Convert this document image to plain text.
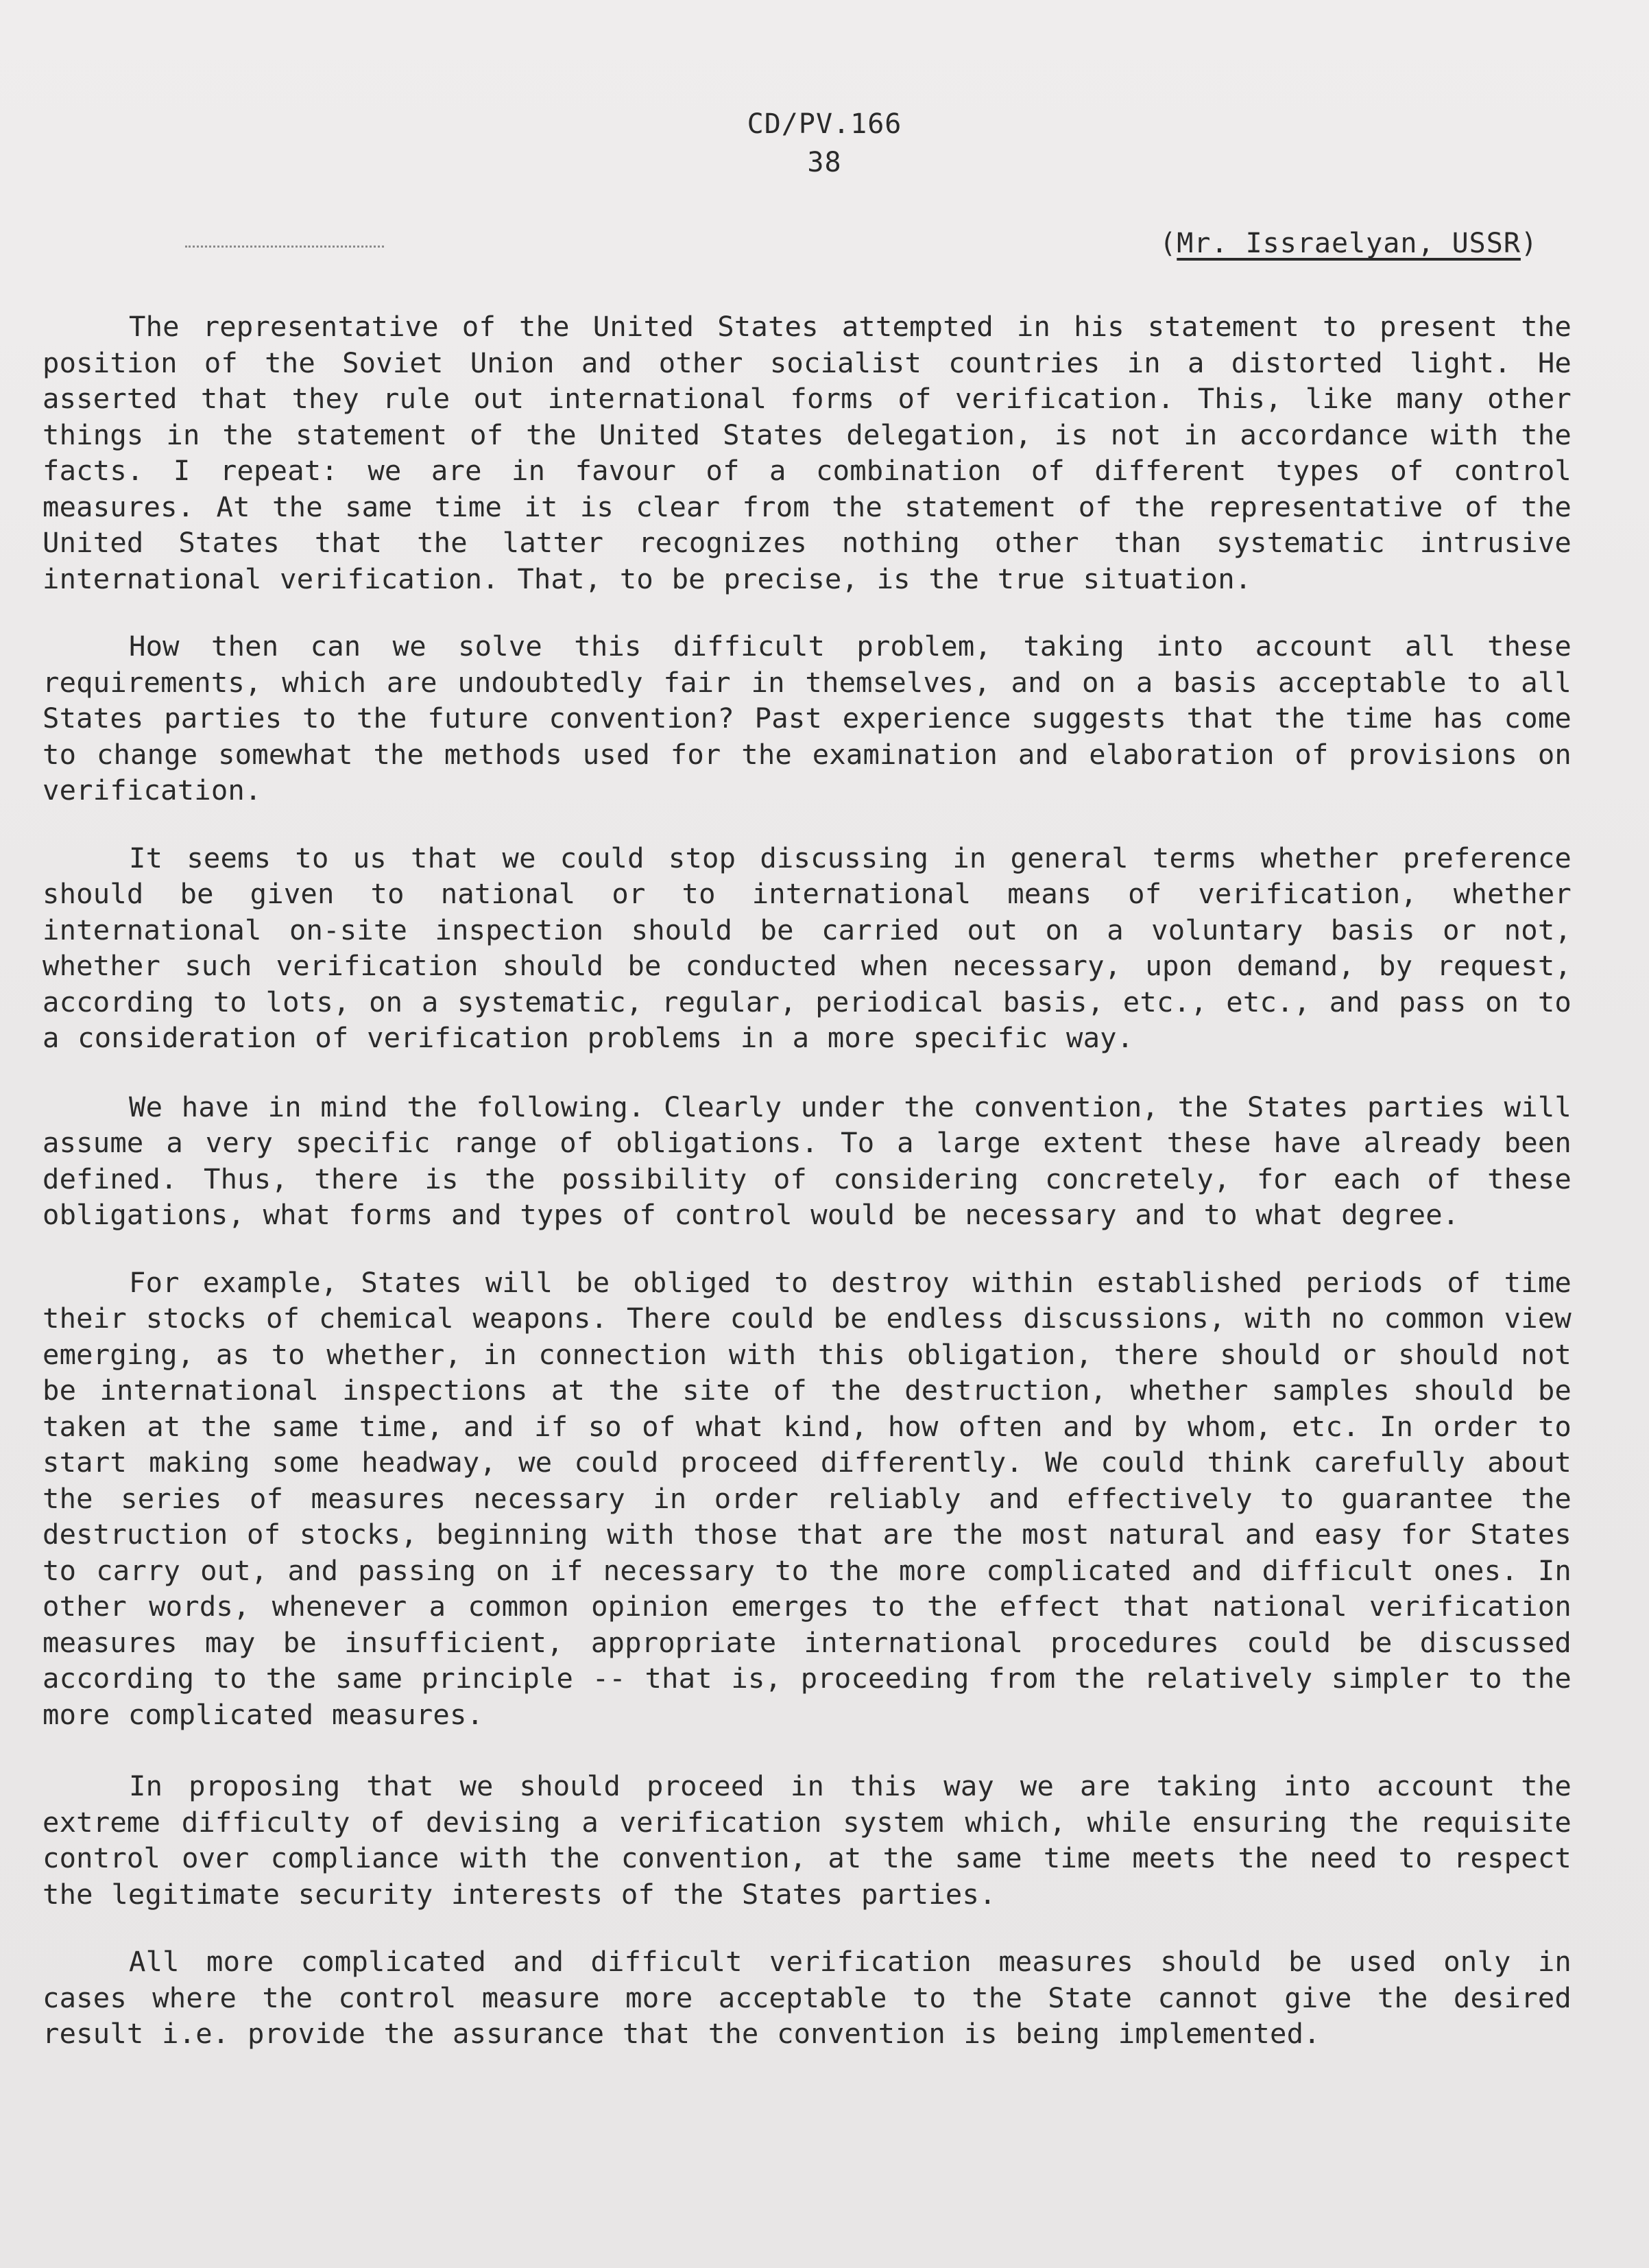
CD/PV.166
38
(Mr. Issraelyan, USSR)

The representative of the United States attempted in his statement to present the position of the Soviet Union and other socialist countries in a distorted light. He asserted that they rule out international forms of verification. This, like many other things in the statement of the United States delegation, is not in accordance with the facts. I repeat: we are in favour of a combination of different types of control measures. At the same time it is clear from the statement of the representative of the United States that the latter recognizes nothing other than systematic intrusive international verification. That, to be precise, is the true situation.

How then can we solve this difficult problem, taking into account all these requirements, which are undoubtedly fair in themselves, and on a basis acceptable to all States parties to the future convention? Past experience suggests that the time has come to change somewhat the methods used for the examination and elaboration of provisions on verification.

It seems to us that we could stop discussing in general terms whether preference should be given to national or to international means of verification, whether international on-site inspection should be carried out on a voluntary basis or not, whether such verification should be conducted when necessary, upon demand, by request, according to lots, on a systematic, regular, periodical basis, etc., etc., and pass on to a consideration of verification problems in a more specific way.

We have in mind the following. Clearly under the convention, the States parties will assume a very specific range of obligations. To a large extent these have already been defined. Thus, there is the possibility of considering concretely, for each of these obligations, what forms and types of control would be necessary and to what degree.

For example, States will be obliged to destroy within established periods of time their stocks of chemical weapons. There could be endless discussions, with no common view emerging, as to whether, in connection with this obligation, there should or should not be international inspections at the site of the destruction, whether samples should be taken at the same time, and if so of what kind, how often and by whom, etc. In order to start making some headway, we could proceed differently. We could think carefully about the series of measures necessary in order reliably and effectively to guarantee the destruction of stocks, beginning with those that are the most natural and easy for States to carry out, and passing on if necessary to the more complicated and difficult ones. In other words, whenever a common opinion emerges to the effect that national verification measures may be insufficient, appropriate international procedures could be discussed according to the same principle -- that is, proceeding from the relatively simpler to the more complicated measures.

In proposing that we should proceed in this way we are taking into account the extreme difficulty of devising a verification system which, while ensuring the requisite control over compliance with the convention, at the same time meets the need to respect the legitimate security interests of the States parties.

All more complicated and difficult verification measures should be used only in cases where the control measure more acceptable to the State cannot give the desired result i.e. provide the assurance that the convention is being implemented.
